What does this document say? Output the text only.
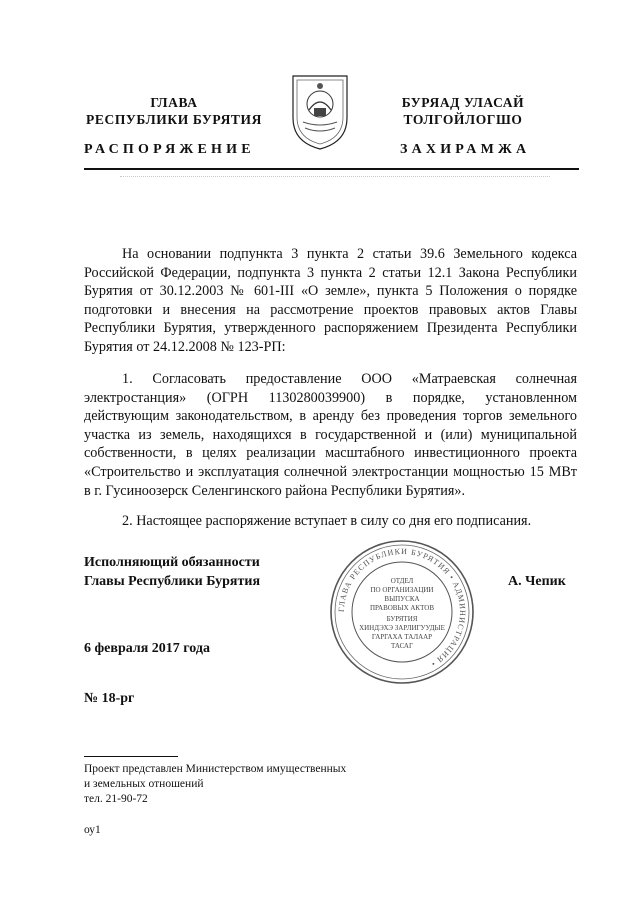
ГЛАВА
РЕСПУБЛИКИ БУРЯТИЯ
БУРЯАД УЛАСАЙ
ТОЛГОЙЛОГШО
РАСПОРЯЖЕНИЕ	ЗАХИРАМЖА

На основании подпункта 3 пункта 2 статьи 39.6 Земельного кодекса Российской Федерации, подпункта 3 пункта 2 статьи 12.1 Закона Республики Бурятия от 30.12.2003 № 601-III «О земле», пункта 5 Положения о порядке подготовки и внесения на рассмотрение проектов правовых актов Главы Республики Бурятия, утвержденного распоряжением Президента Республики Бурятия от 24.12.2008 № 123-РП:

1. Согласовать предоставление ООО «Матраевская солнечная электростанция» (ОГРН 1130280039900) в порядке, установленном действующим законодательством, в аренду без проведения торгов земельного участка из земель, находящихся в государственной и (или) муниципальной собственности, в целях реализации масштабного инвестиционного проекта «Строительство и эксплуатация солнечной электростанции мощностью 15 МВт в г. Гусиноозерск Селенгинского района Республики Бурятия».

2. Настоящее распоряжение вступает в силу со дня его подписания.

Исполняющий обязанности
Главы Республики Бурятия	А. Чепик
ГЛАВА РЕСПУБЛИКИ БУРЯТИЯ • АДМИНИСТРАЦИЯ •
ОТДЕЛ
ПО ОРГАНИЗАЦИИ
ВЫПУСКА
ПРАВОВЫХ АКТОВ
БУРЯТИЯ
ХИНДЭХЭ ЗАРЛИГУУДЫЕ
ГАРГАХА ТАЛААР
ТАСАГ
6 февраля 2017 года
№ 18-рг
Проект представлен Министерством имущественных
и земельных отношений
тел. 21-90-72
оу1
